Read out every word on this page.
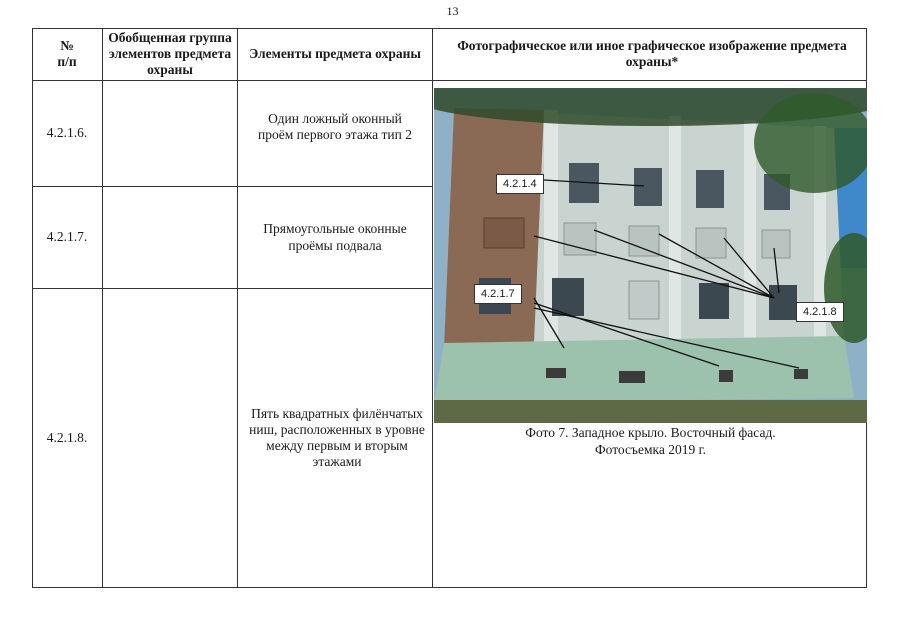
13
№
п/п
Обобщенная группа элементов предмета охраны
Элементы предмета охраны
Фотографическое или иное графическое изображение предмета охраны*
4.2.1.6.
Один ложный оконный проём первого этажа тип 2
4.2.1.7.
Прямоугольные оконные проёмы подвала
4.2.1.8.
Пять квадратных филёнчатых ниш, расположенных в уровне между первым и вторым этажами
4.2.1.4
4.2.1.7
4.2.1.8
Фото 7. Западное крыло. Восточный фасад.
Фотосъемка 2019 г.
